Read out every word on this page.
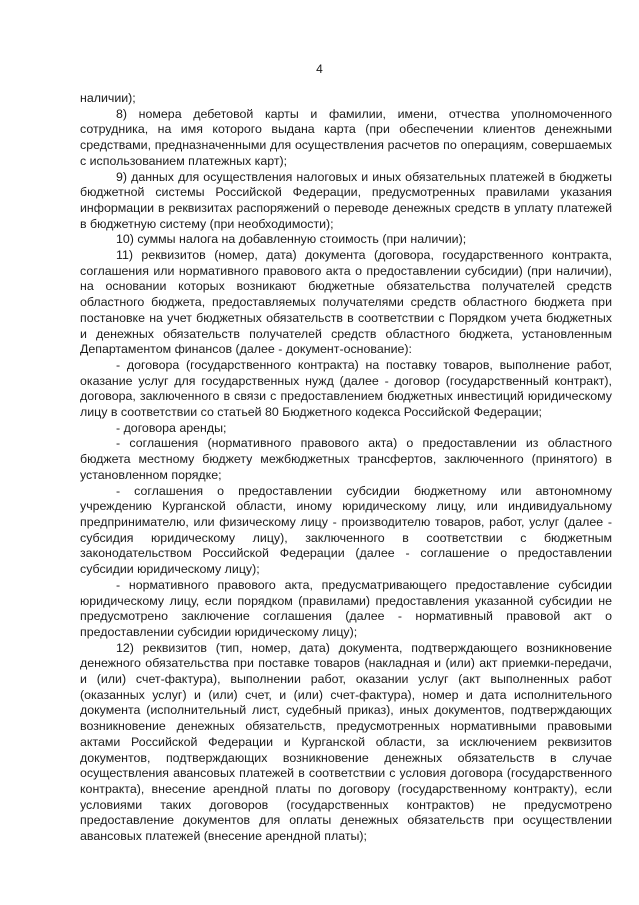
4

наличии);

8) номера дебетовой карты и фамилии, имени, отчества уполномоченного сотрудника, на имя которого выдана карта (при обеспечении клиентов денежными средствами, предназначенными для осуществления расчетов по операциям, совершаемых с использованием платежных карт);

9) данных для осуществления налоговых и иных обязательных платежей в бюджеты бюджетной системы Российской Федерации, предусмотренных правилами указания информации в реквизитах распоряжений о переводе денежных средств в уплату платежей в бюджетную систему (при необходимости);

10) суммы налога на добавленную стоимость (при наличии);

11) реквизитов (номер, дата) документа (договора, государственного контракта, соглашения или нормативного правового акта о предоставлении субсидии) (при наличии), на основании которых возникают бюджетные обязательства получателей средств областного бюджета, предоставляемых получателями средств областного бюджета при постановке на учет бюджетных обязательств в соответствии с Порядком учета бюджетных и денежных обязательств получателей средств областного бюджета, установленным Департаментом финансов (далее - документ-основание):

- договора (государственного контракта) на поставку товаров, выполнение работ, оказание услуг для государственных нужд (далее - договор (государственный контракт), договора, заключенного в связи с предоставлением бюджетных инвестиций юридическому лицу в соответствии со статьей 80 Бюджетного кодекса Российской Федерации;

- договора аренды;

- соглашения (нормативного правового акта) о предоставлении из областного бюджета местному бюджету межбюджетных трансфертов, заключенного (принятого) в установленном порядке;

- соглашения о предоставлении субсидии бюджетному или автономному учреждению Курганской области, иному юридическому лицу, или индивидуальному предпринимателю, или физическому лицу - производителю товаров, работ, услуг (далее - субсидия юридическому лицу), заключенного в соответствии с бюджетным законодательством Российской Федерации (далее - соглашение о предоставлении субсидии юридическому лицу);

- нормативного правового акта, предусматривающего предоставление субсидии юридическому лицу, если порядком (правилами) предоставления указанной субсидии не предусмотрено заключение соглашения (далее - нормативный правовой акт о предоставлении субсидии юридическому лицу);

12) реквизитов (тип, номер, дата) документа, подтверждающего возникновение денежного обязательства при поставке товаров (накладная и (или) акт приемки-передачи, и (или) счет-фактура), выполнении работ, оказании услуг (акт выполненных работ (оказанных услуг) и (или) счет, и (или) счет-фактура), номер и дата исполнительного документа (исполнительный лист, судебный приказ), иных документов, подтверждающих возникновение денежных обязательств, предусмотренных нормативными правовыми актами Российской Федерации и Курганской области, за исключением реквизитов документов, подтверждающих возникновение денежных обязательств в случае осуществления авансовых платежей в соответствии с условия договора (государственного контракта), внесение арендной платы по договору (государственному контракту), если условиями таких договоров (государственных контрактов) не предусмотрено предоставление документов для оплаты денежных обязательств при осуществлении авансовых платежей (внесение арендной платы);
